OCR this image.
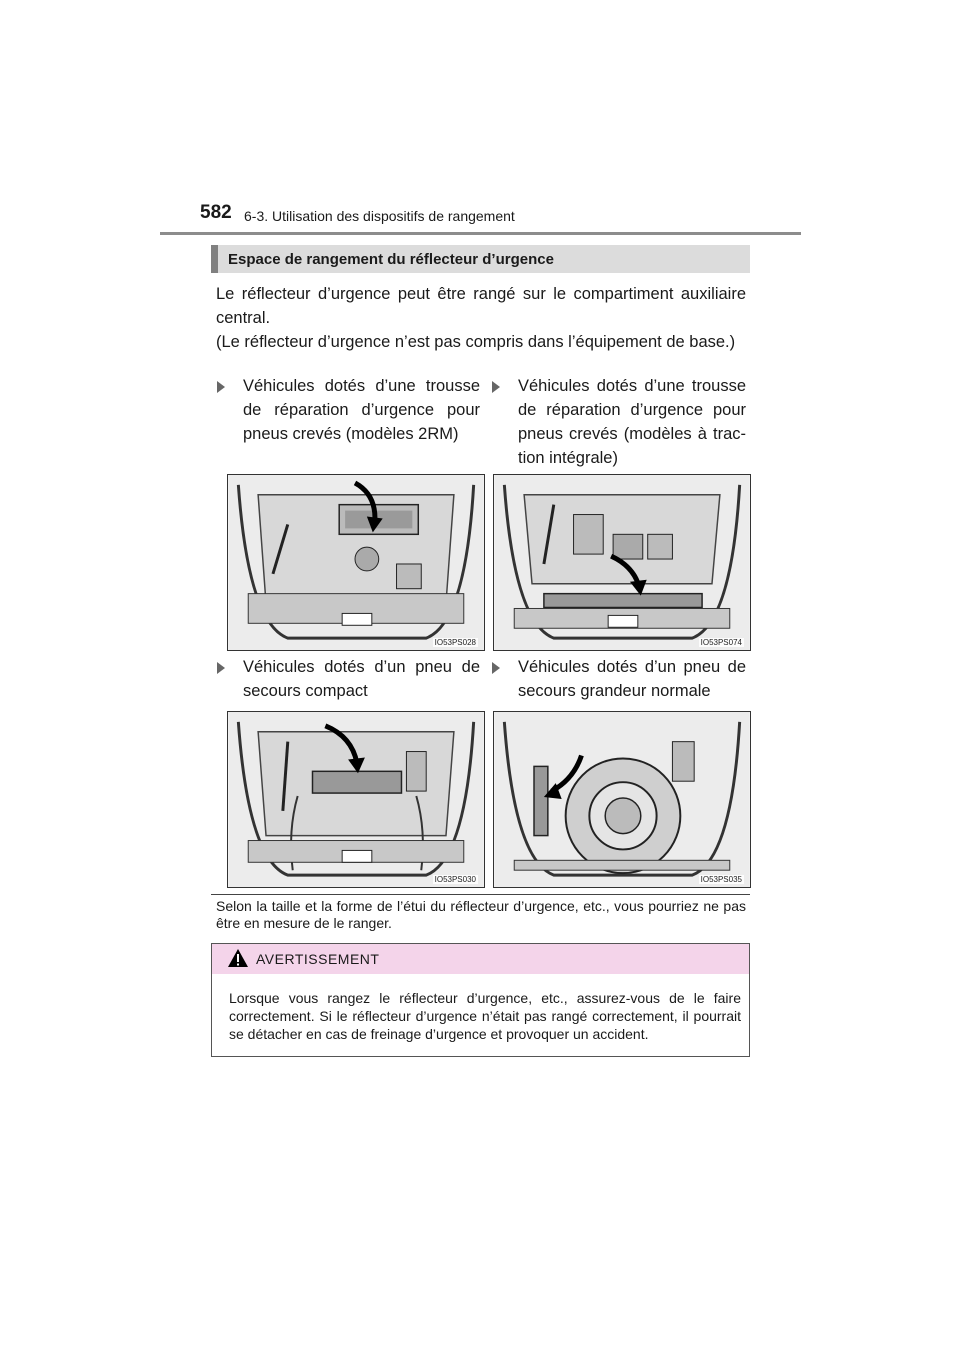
582 6-3. Utilisation des dispositifs de rangement
Espace de rangement du réflecteur d’urgence

Le réflecteur d’urgence peut être rangé sur le compartiment auxiliaire central.

(Le réflecteur d’urgence n’est pas compris dans l’équipement de base.)

Véhicules dotés d’une trousse de réparation d’urgence pour pneus crevés (modèles 2RM)
Véhicules dotés d’une trousse de réparation d’urgence pour pneus crevés (modèles à trac-tion intégrale)
IO53PS028	IO53PS074
Véhicules dotés d’un pneu de secours compact
Véhicules dotés d’un pneu de secours grandeur normale
IO53PS030	IO53PS035
Selon la taille et la forme de l’étui du réflecteur d’urgence, etc., vous pourriez ne pas être en mesure de le ranger.
AVERTISSEMENT
Lorsque vous rangez le réflecteur d’urgence, etc., assurez-vous de le faire correctement. Si le réflecteur d’urgence n’était pas rangé correctement, il pourrait se détacher en cas de freinage d’urgence et provoquer un accident.
